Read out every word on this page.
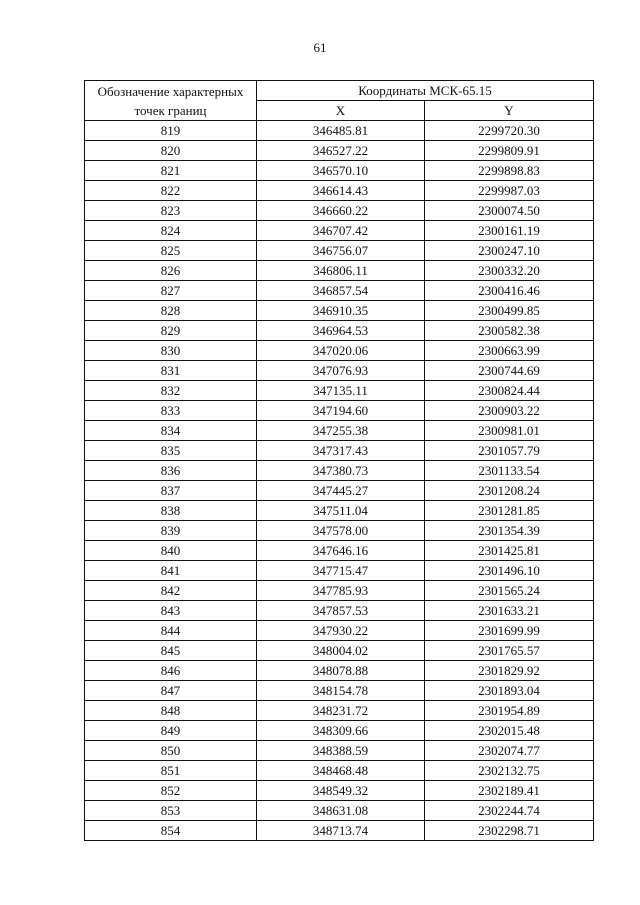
61
Обозначение характерных
точек границ	Координаты МСК-65.15	
	X	Y
819	346485.81	2299720.30
820	346527.22	2299809.91
821	346570.10	2299898.83
822	346614.43	2299987.03
823	346660.22	2300074.50
824	346707.42	2300161.19
825	346756.07	2300247.10
826	346806.11	2300332.20
827	346857.54	2300416.46
828	346910.35	2300499.85
829	346964.53	2300582.38
830	347020.06	2300663.99
831	347076.93	2300744.69
832	347135.11	2300824.44
833	347194.60	2300903.22
834	347255.38	2300981.01
835	347317.43	2301057.79
836	347380.73	2301133.54
837	347445.27	2301208.24
838	347511.04	2301281.85
839	347578.00	2301354.39
840	347646.16	2301425.81
841	347715.47	2301496.10
842	347785.93	2301565.24
843	347857.53	2301633.21
844	347930.22	2301699.99
845	348004.02	2301765.57
846	348078.88	2301829.92
847	348154.78	2301893.04
848	348231.72	2301954.89
849	348309.66	2302015.48
850	348388.59	2302074.77
851	348468.48	2302132.75
852	348549.32	2302189.41
853	348631.08	2302244.74
854	348713.74	2302298.71
